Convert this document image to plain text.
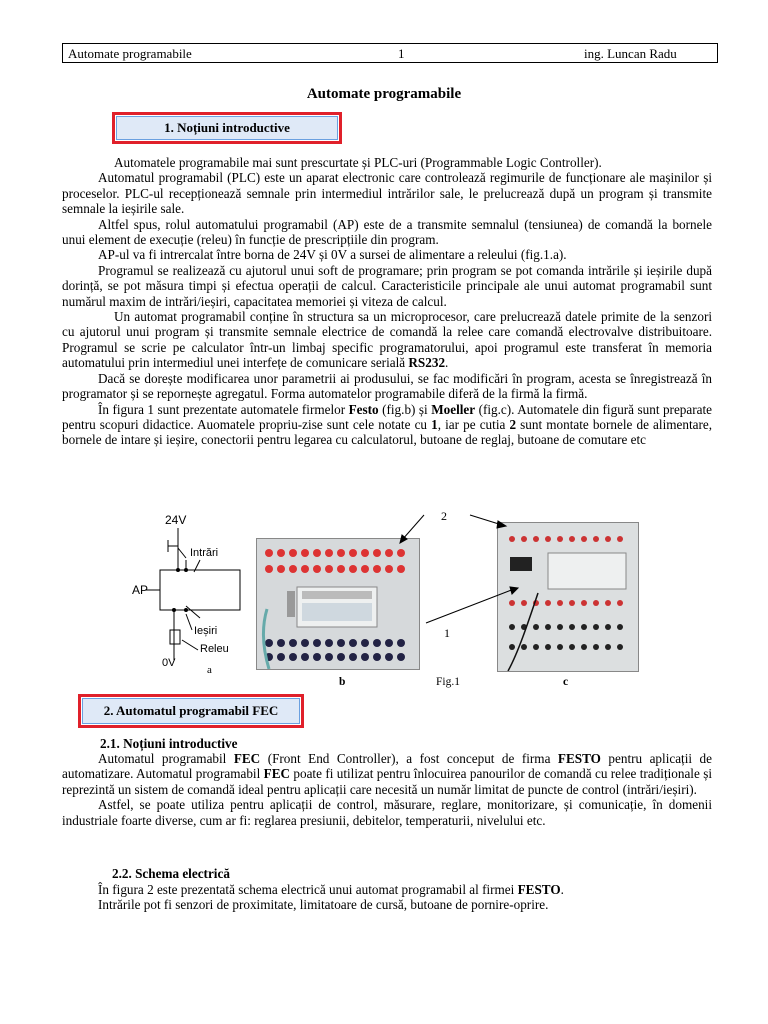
Automate programabile	1	ing. Luncan Radu
Automate programabile
1. Noțiuni introductive

Automatele programabile mai sunt prescurtate și PLC-uri (Programmable Logic Controller).

Automatul programabil (PLC) este un aparat electronic care controlează regimurile de funcționare ale mașinilor și proceselor. PLC-ul recepționează semnale prin intermediul intrărilor sale, le prelucrează după un program și transmite semnale la ieșirile sale.

Altfel spus, rolul automatului programabil (AP) este de a transmite semnalul (tensiunea) de comandă la bornele unui element de execuție (releu) în funcție de prescripțiile din program.

AP-ul va fi intrercalat între borna de 24V și 0V a sursei de alimentare a releului (fig.1.a).

Programul se realizează cu ajutorul unui soft de programare; prin program se pot comanda intrările și ieșirile după dorință, se pot măsura timpi și efectua operații de calcul. Caracteristicile principale ale unui automat programabil sunt numărul maxim de intrări/ieșiri, capacitatea memoriei și viteza de calcul.

Un automat programabil conține în structura sa un microprocesor, care prelucrează datele primite de la senzori cu ajutorul unui program și transmite semnale electrice de comandă la relee care comandă electrovalve distribuitoare. Programul se scrie pe calculator într-un limbaj specific programatorului, apoi programul este transferat în memoria automatului prin intermediul unei interfețe de comunicare serială RS232.

Dacă se dorește modificarea unor parametrii ai produsului, se fac modificări în program, acesta se înregistrează în programator și se repornește agregatul. Forma automatelor programabile diferă de la firmă la firmă.

În figura 1 sunt prezentate automatele firmelor Festo (fig.b) și Moeller (fig.c). Automatele din figură sunt preparate pentru scopuri didactice. Auomatele propriu-zise sunt cele notate cu 1, iar pe cutia 2 sunt montate bornele de alimentare, bornele de intare și ieșire, conectorii pentru legarea cu calculatorul, butoane de reglaj, butoane de comutare etc

24V
Intrări
AP
Ieșiri
Releu
0V
a
2
1
b	Fig.1	c
2. Automatul programabil FEC
2.1. Noțiuni introductive

Automatul programabil FEC (Front End Controller), a fost conceput de firma FESTO pentru aplicații de automatizare. Automatul programabil FEC poate fi utilizat pentru înlocuirea panourilor de comandă cu relee tradiționale și reprezintă un sistem de comandă ideal pentru aplicații care necesită un număr limitat de puncte de control (intrări/ieșiri).

Astfel, se poate utiliza pentru aplicații de control, măsurare, reglare, monitorizare, și comunicație, în domenii industriale foarte diverse, cum ar fi: reglarea presiunii, debitelor, temperaturii, nivelului etc.

2.2. Schema electrică

În figura 2 este prezentată schema electrică unui automat programabil al firmei FESTO.

Intrările pot fi senzori de proximitate, limitatoare de cursă, butoane de pornire-oprire.
